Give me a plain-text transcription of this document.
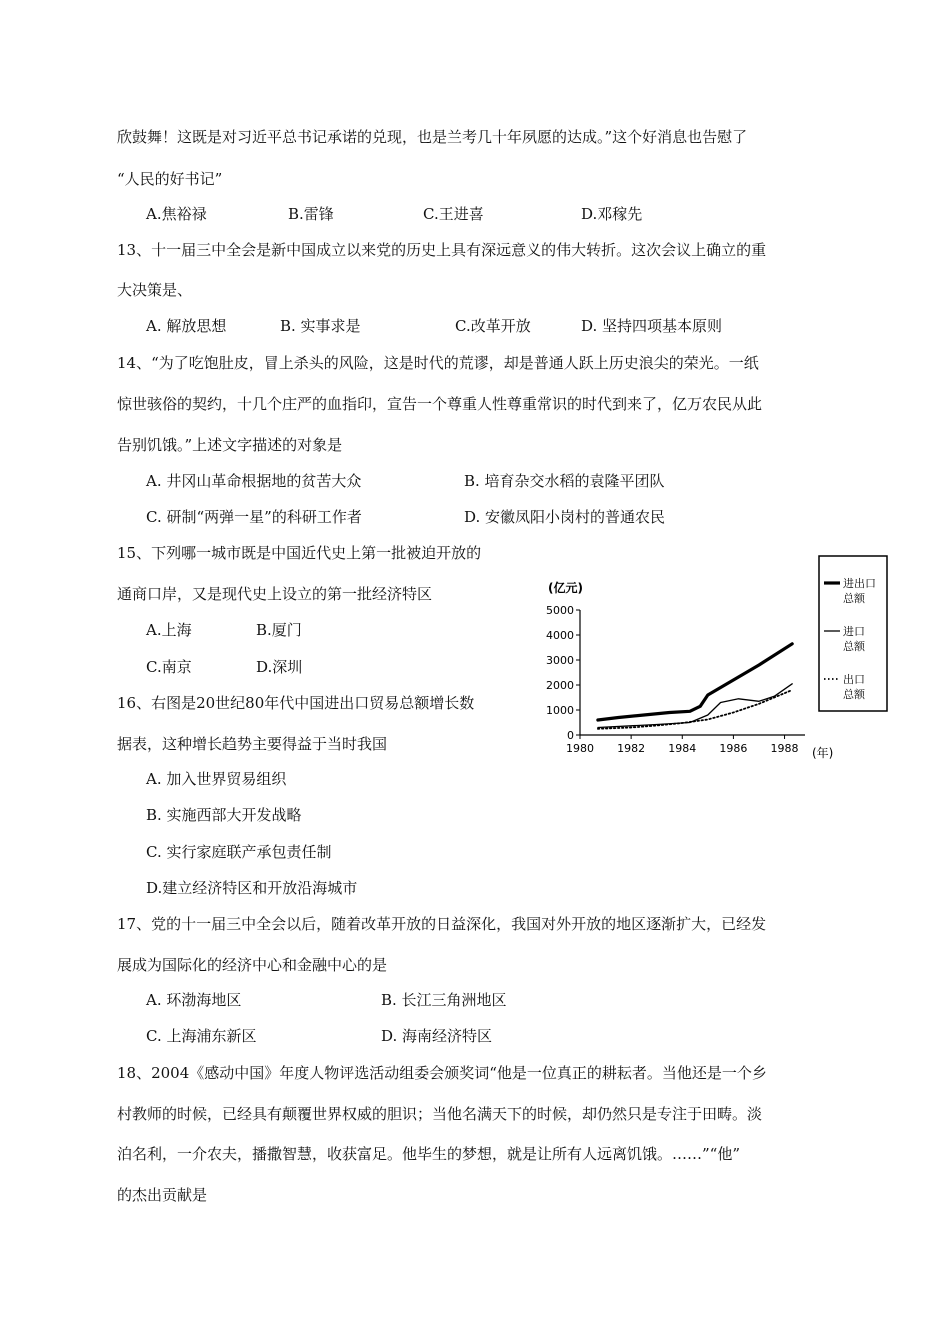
欣鼓舞！这既是对习近平总书记承诺的兑现，也是兰考几十年夙愿的达成。”这个好消息也告慰了
“人民的好书记”
A.焦裕禄	B.雷锋	C.王进喜	D.邓稼先
13、十一届三中全会是新中国成立以来党的历史上具有深远意义的伟大转折。这次会议上确立的重
大决策是、
A. 解放思想	B. 实事求是	C.改革开放	D. 坚持四项基本原则
14、“为了吃饱肚皮，冒上杀头的风险，这是时代的荒谬，却是普通人跃上历史浪尖的荣光。一纸
惊世骇俗的契约，十几个庄严的血指印，宣告一个尊重人性尊重常识的时代到来了，亿万农民从此
告别饥饿。”上述文字描述的对象是
A. 井冈山革命根据地的贫苦大众	B. 培育杂交水稻的袁隆平团队
C. 研制“两弹一星”的科研工作者	D. 安徽凤阳小岗村的普通农民
15、下列哪一城市既是中国近代史上第一批被迫开放的
通商口岸，又是现代史上设立的第一批经济特区
A.上海	B.厦门
C.南京	D.深圳
16、右图是20世纪80年代中国进出口贸易总额增长数
据表，这种增长趋势主要得益于当时我国
A. 加入世界贸易组织
B. 实施西部大开发战略
C. 实行家庭联产承包责任制
D.建立经济特区和开放沿海城市
17、党的十一届三中全会以后，随着改革开放的日益深化，我国对外开放的地区逐渐扩大，已经发
展成为国际化的经济中心和金融中心的是
A. 环渤海地区	B. 长江三角洲地区
C. 上海浦东新区	D. 海南经济特区
18、2004《感动中国》年度人物评选活动组委会颁奖词“他是一位真正的耕耘者。当他还是一个乡
村教师的时候，已经具有颠覆世界权威的胆识；当他名满天下的时候，却仍然只是专注于田畴。淡
泊名利，一介农夫，播撒智慧，收获富足。他毕生的梦想，就是让所有人远离饥饿。……”“他”
的杰出贡献是
(亿元)
(年)
5000
4000
3000
2000
1000
0
1980 1982 1984 1986 1988
进出口
总额
进口
总额
出口
总额
